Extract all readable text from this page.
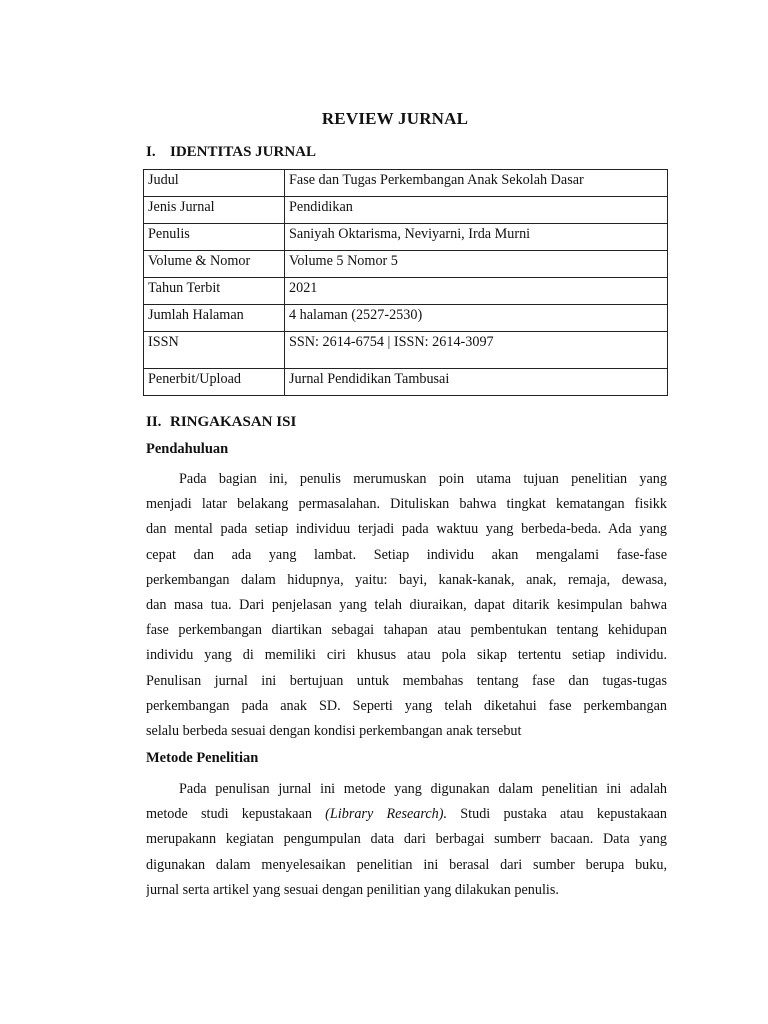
REVIEW JURNAL
I. IDENTITAS JURNAL
Judul	Fase dan Tugas Perkembangan Anak Sekolah Dasar
Jenis Jurnal	Pendidikan
Penulis	Saniyah Oktarisma, Neviyarni, Irda Murni
Volume & Nomor	Volume 5 Nomor 5
Tahun Terbit	2021
Jumlah Halaman	4 halaman (2527-2530)
ISSN	SSN: 2614-6754 | ISSN: 2614-3097
Penerbit/Upload	Jurnal Pendidikan Tambusai
II. RINGAKASAN ISI
Pendahuluan
Pada bagian ini, penulis merumuskan poin utama tujuan penelitian yang
menjadi latar belakang permasalahan. Dituliskan bahwa tingkat kematangan fisikk
dan mental pada setiap individuu terjadi pada waktuu yang berbeda-beda. Ada yang
cepat dan ada yang lambat. Setiap individu akan mengalami fase-fase
perkembangan dalam hidupnya, yaitu: bayi, kanak-kanak, anak, remaja, dewasa,
dan masa tua. Dari penjelasan yang telah diuraikan, dapat ditarik kesimpulan bahwa
fase perkembangan diartikan sebagai tahapan atau pembentukan tentang kehidupan
individu yang di memiliki ciri khusus atau pola sikap tertentu setiap individu.
Penulisan jurnal ini bertujuan untuk membahas tentang fase dan tugas-tugas
perkembangan pada anak SD. Seperti yang telah diketahui fase perkembangan
selalu berbeda sesuai dengan kondisi perkembangan anak tersebut
Metode Penelitian
Pada penulisan jurnal ini metode yang digunakan dalam penelitian ini adalah
metode studi kepustakaan (Library Research). Studi pustaka atau kepustakaan
merupakann kegiatan pengumpulan data dari berbagai sumberr bacaan. Data yang
digunakan dalam menyelesaikan penelitian ini berasal dari sumber berupa buku,
jurnal serta artikel yang sesuai dengan penilitian yang dilakukan penulis.
